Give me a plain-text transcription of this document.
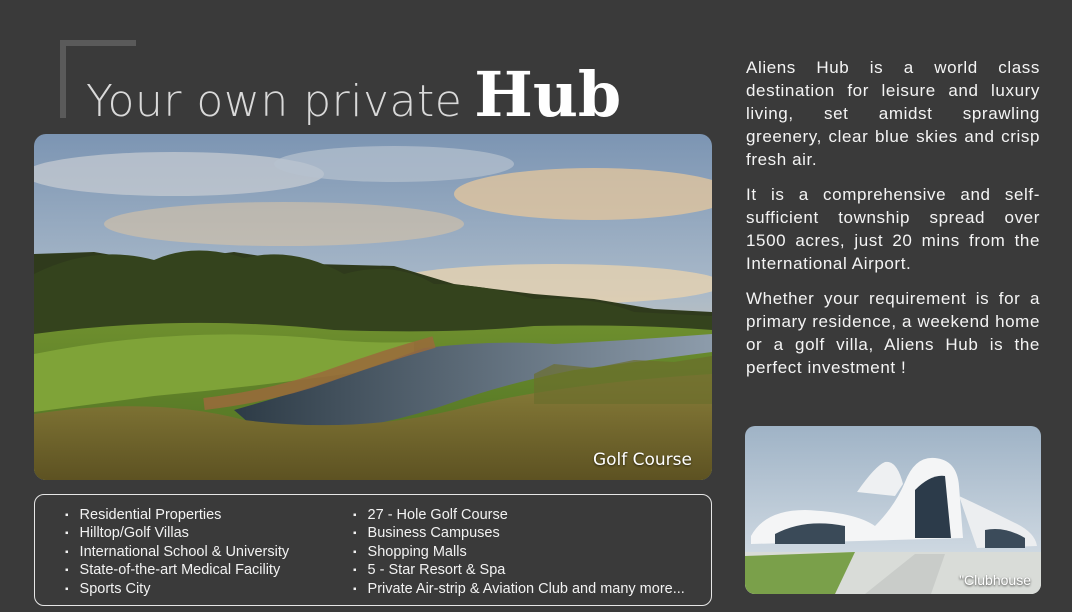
Your own private Hub
Golf Course
▪ Residential Properties
▪ Hilltop/Golf Villas
▪ International School & University
▪ State-of-the-art Medical Facility
▪ Sports City
▪ 27 - Hole Golf Course
▪ Business Campuses
▪ Shopping Malls
▪ 5 - Star Resort & Spa
▪ Private Air-strip & Aviation Club and many more...

Aliens Hub is a world class destination for leisure and luxury living, set amidst sprawling greenery, clear blue skies and crisp fresh air.

It is a comprehensive and self-sufficient township spread over 1500 acres, just 20 mins from the International Airport.

Whether your requirement is for a primary residence, a weekend home or a golf villa, Aliens Hub is the perfect investment !

"Clubhouse
